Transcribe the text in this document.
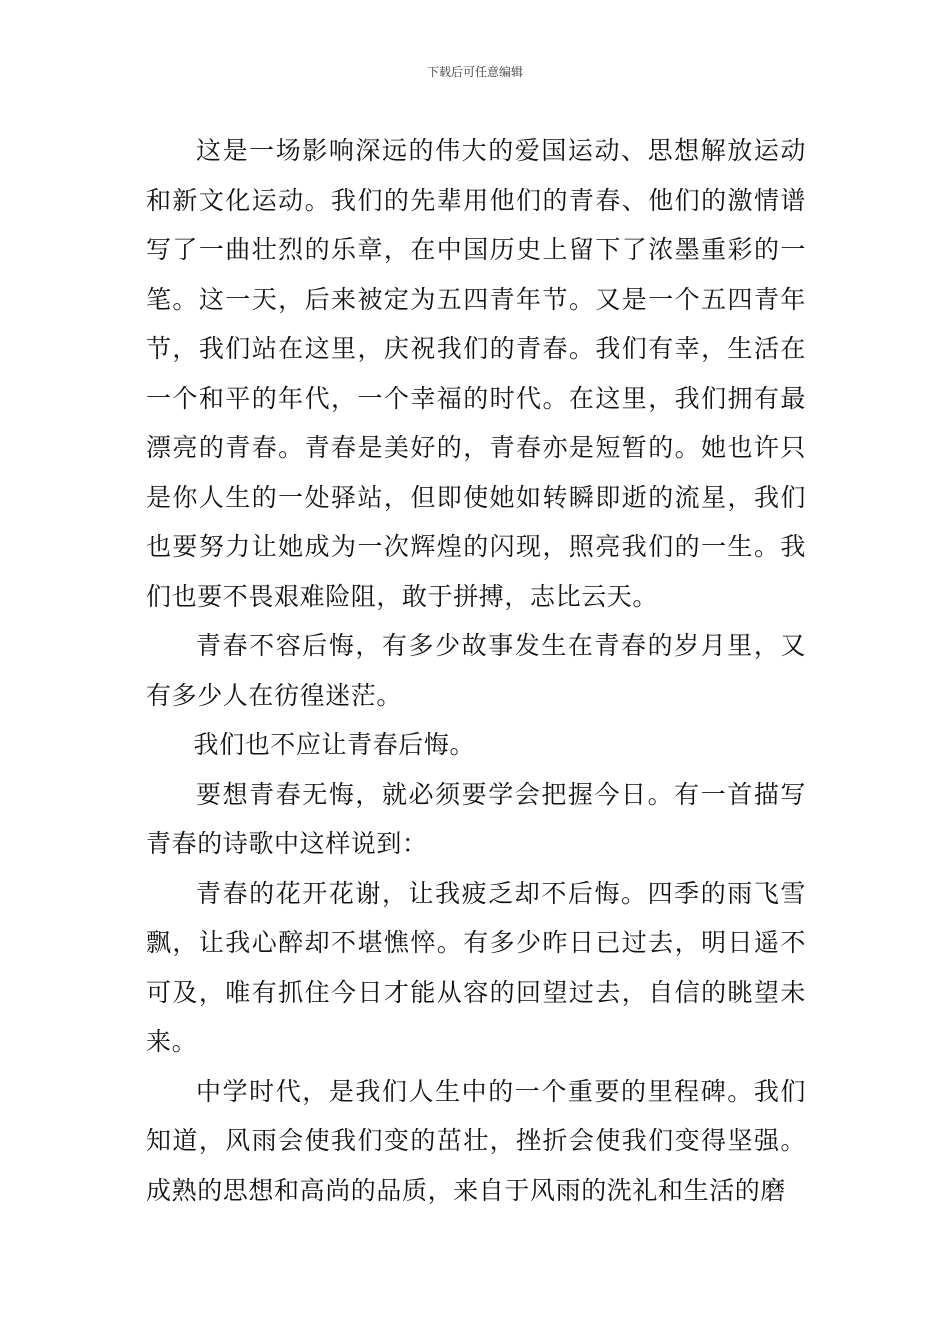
下载后可任意编辑

这是一场影响深远的伟大的爱国运动、思想解放运动和新文化运动。我们的先辈用他们的青春、他们的激情谱写了一曲壮烈的乐章，在中国历史上留下了浓墨重彩的一笔。这一天，后来被定为五四青年节。又是一个五四青年节，我们站在这里，庆祝我们的青春。我们有幸，生活在一个和平的年代，一个幸福的时代。在这里，我们拥有最漂亮的青春。青春是美好的，青春亦是短暂的。她也许只是你人生的一处驿站，但即使她如转瞬即逝的流星，我们也要努力让她成为一次辉煌的闪现，照亮我们的一生。我们也要不畏艰难险阻，敢于拼搏，志比云天。

青春不容后悔，有多少故事发生在青春的岁月里，又有多少人在彷徨迷茫。

我们也不应让青春后悔。

要想青春无悔，就必须要学会把握今日。有一首描写青春的诗歌中这样说到：

青春的花开花谢，让我疲乏却不后悔。四季的雨飞雪飘，让我心醉却不堪憔悴。有多少昨日已过去，明日遥不可及，唯有抓住今日才能从容的回望过去，自信的眺望未来。

中学时代，是我们人生中的一个重要的里程碑。我们知道，风雨会使我们变的茁壮，挫折会使我们变得坚强。成熟的思想和高尚的品质，来自于风雨的洗礼和生活的磨
